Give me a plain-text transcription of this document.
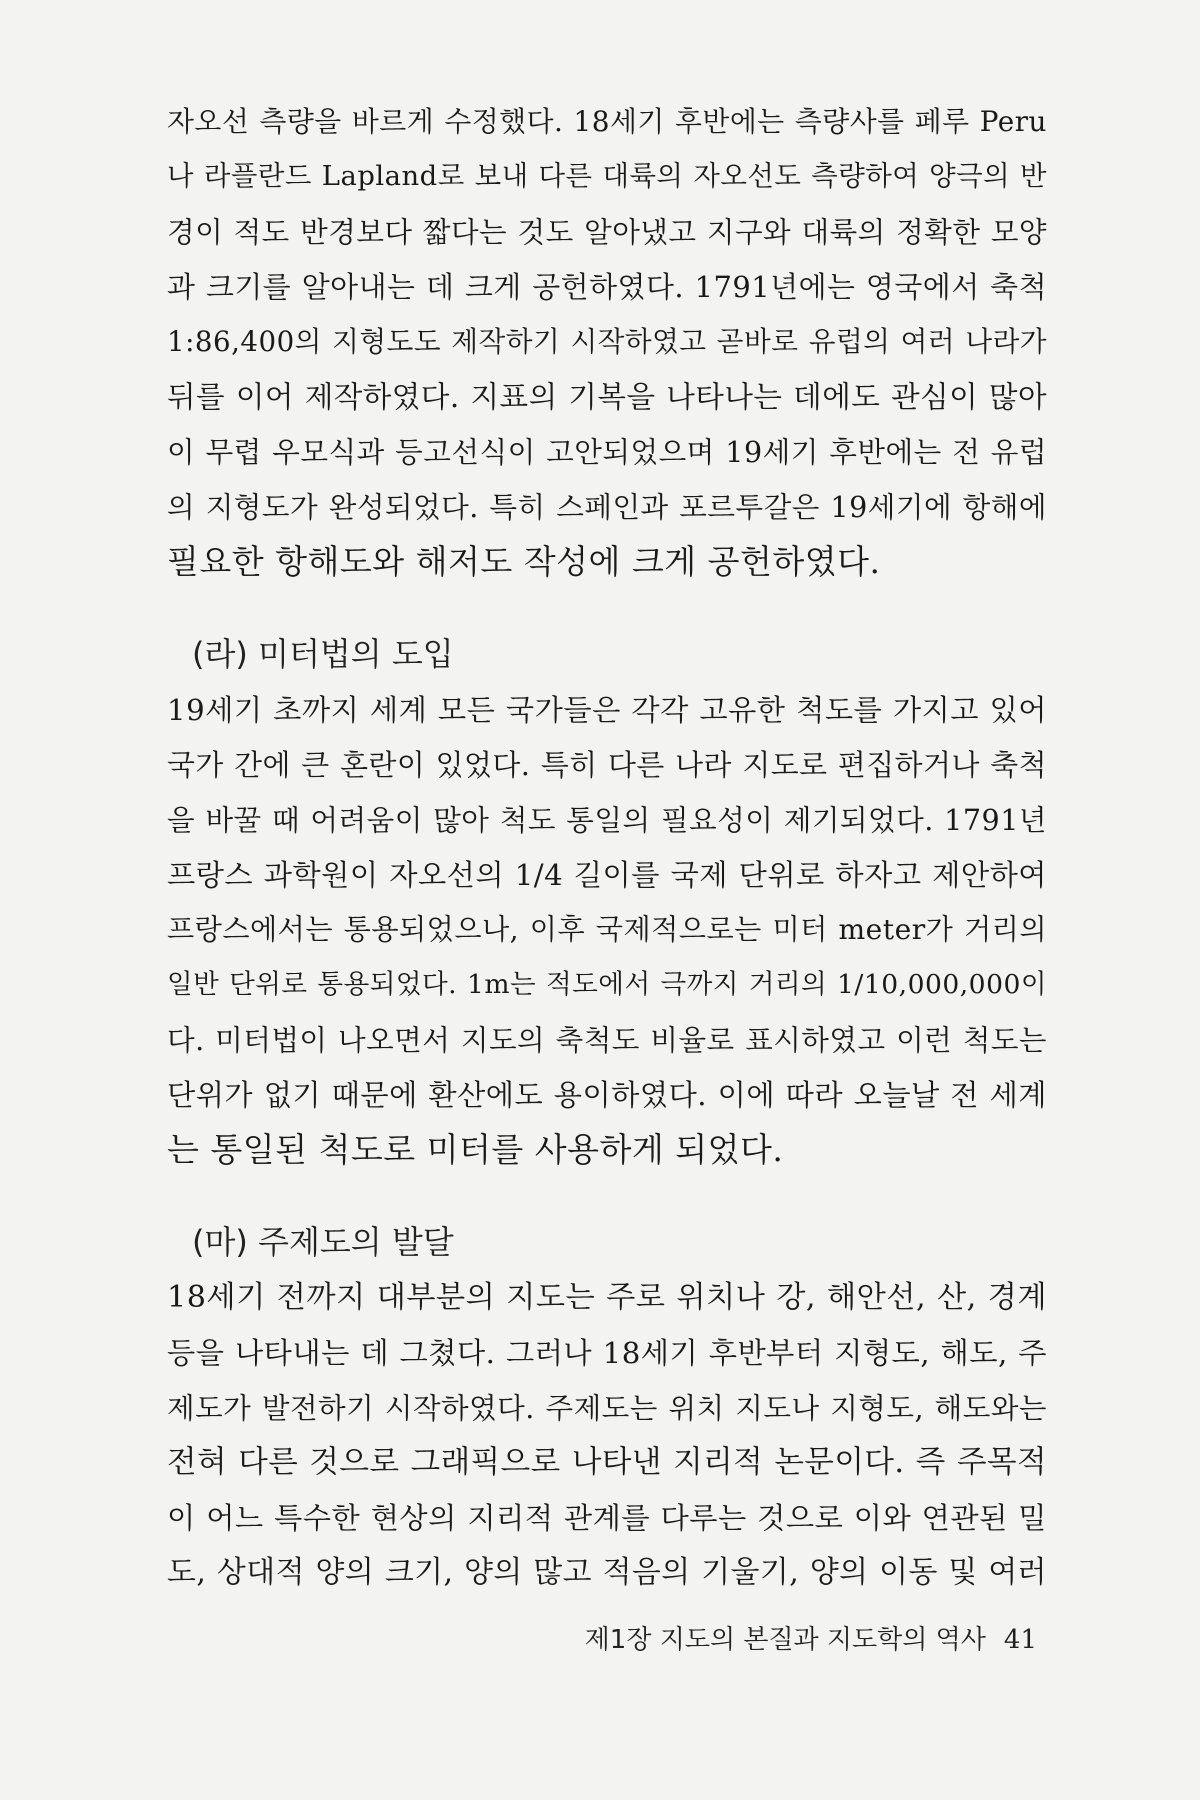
자오선 측량을 바르게 수정했다. 18세기 후반에는 측량사를 페루 Peru
나 라플란드 Lapland로 보내 다른 대륙의 자오선도 측량하여 양극의 반
경이 적도 반경보다 짧다는 것도 알아냈고 지구와 대륙의 정확한 모양
과 크기를 알아내는 데 크게 공헌하였다. 1791년에는 영국에서 축척
1:86,400의 지형도도 제작하기 시작하였고 곧바로 유럽의 여러 나라가
뒤를 이어 제작하였다. 지표의 기복을 나타나는 데에도 관심이 많아
이 무렵 우모식과 등고선식이 고안되었으며 19세기 후반에는 전 유럽
의 지형도가 완성되었다. 특히 스페인과 포르투갈은 19세기에 항해에
필요한 항해도와 해저도 작성에 크게 공헌하였다.
(라) 미터법의 도입
19세기 초까지 세계 모든 국가들은 각각 고유한 척도를 가지고 있어
국가 간에 큰 혼란이 있었다. 특히 다른 나라 지도로 편집하거나 축척
을 바꿀 때 어려움이 많아 척도 통일의 필요성이 제기되었다. 1791년
프랑스 과학원이 자오선의 1/4 길이를 국제 단위로 하자고 제안하여
프랑스에서는 통용되었으나, 이후 국제적으로는 미터 meter가 거리의
일반 단위로 통용되었다. 1m는 적도에서 극까지 거리의 1/10,000,000이
다. 미터법이 나오면서 지도의 축척도 비율로 표시하였고 이런 척도는
단위가 없기 때문에 환산에도 용이하였다. 이에 따라 오늘날 전 세계
는 통일된 척도로 미터를 사용하게 되었다.
(마) 주제도의 발달
18세기 전까지 대부분의 지도는 주로 위치나 강, 해안선, 산, 경계
등을 나타내는 데 그쳤다. 그러나 18세기 후반부터 지형도, 해도, 주
제도가 발전하기 시작하였다. 주제도는 위치 지도나 지형도, 해도와는
전혀 다른 것으로 그래픽으로 나타낸 지리적 논문이다. 즉 주목적
이 어느 특수한 현상의 지리적 관계를 다루는 것으로 이와 연관된 밀
도, 상대적 양의 크기, 양의 많고 적음의 기울기, 양의 이동 및 여러
제1장 지도의 본질과 지도학의 역사 41
